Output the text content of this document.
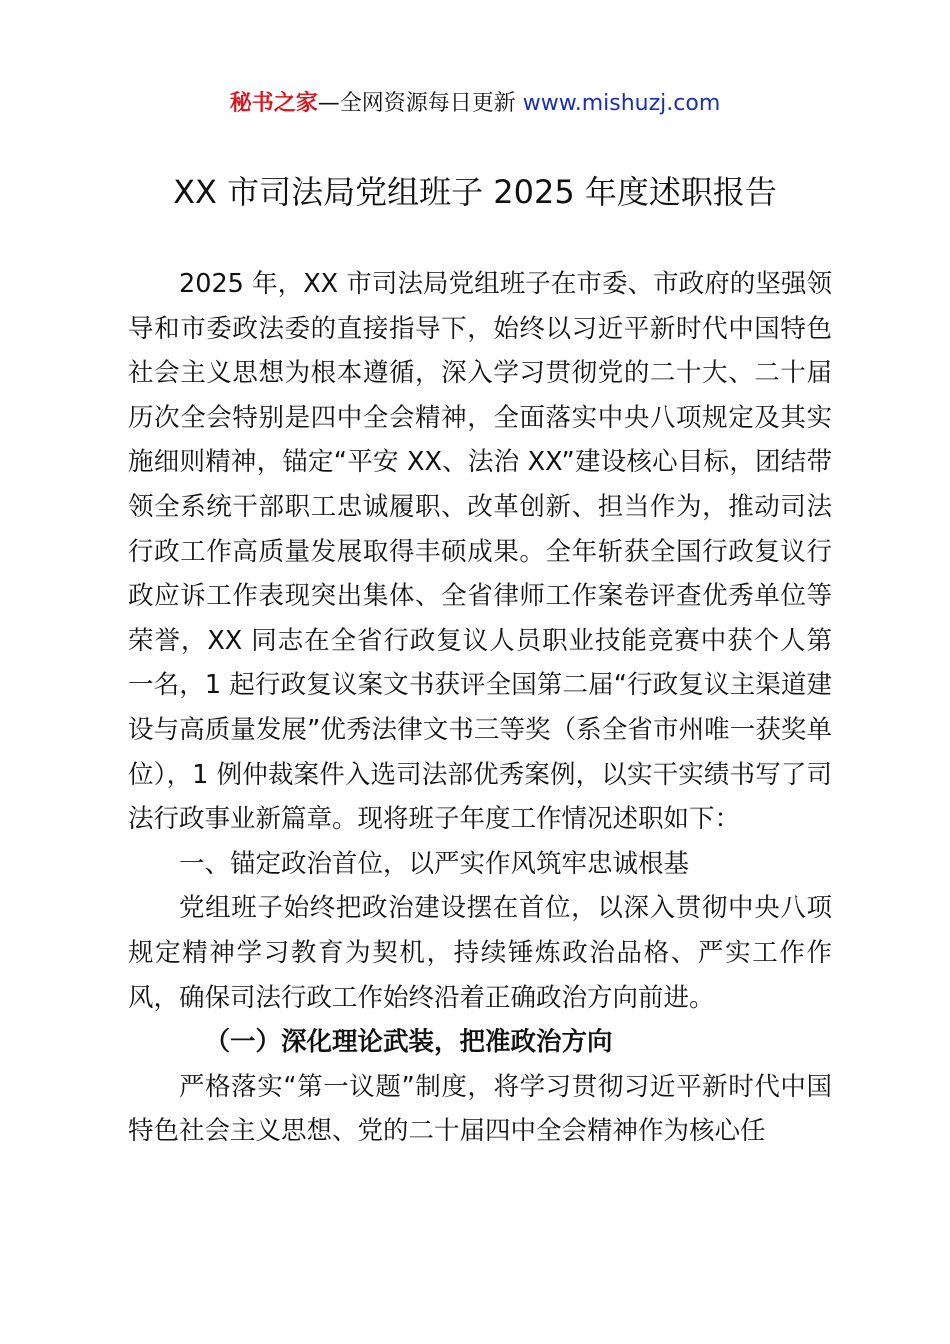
秘书之家—全网资源每日更新 www.mishuzj.com
XX 市司法局党组班子 2025 年度述职报告

2025 年，XX 市司法局党组班子在市委、市政府的坚强领导和市委政法委的直接指导下，始终以习近平新时代中国特色社会主义思想为根本遵循，深入学习贯彻党的二十大、二十届历次全会特别是四中全会精神，全面落实中央八项规定及其实施细则精神，锚定“平安 XX、法治 XX”建设核心目标，团结带领全系统干部职工忠诚履职、改革创新、担当作为，推动司法行政工作高质量发展取得丰硕成果。全年斩获全国行政复议行政应诉工作表现突出集体、全省律师工作案卷评查优秀单位等荣誉，XX 同志在全省行政复议人员职业技能竞赛中获个人第一名，1 起行政复议案文书获评全国第二届“行政复议主渠道建设与高质量发展”优秀法律文书三等奖（系全省市州唯一获奖单位），1 例仲裁案件入选司法部优秀案例，以实干实绩书写了司法行政事业新篇章。现将班子年度工作情况述职如下：

一、锚定政治首位，以严实作风筑牢忠诚根基

党组班子始终把政治建设摆在首位，以深入贯彻中央八项规定精神学习教育为契机，持续锤炼政治品格、严实工作作风，确保司法行政工作始终沿着正确政治方向前进。

（一）深化理论武装，把准政治方向

严格落实“第一议题”制度，将学习贯彻习近平新时代中国特色社会主义思想、党的二十届四中全会精神作为核心任
